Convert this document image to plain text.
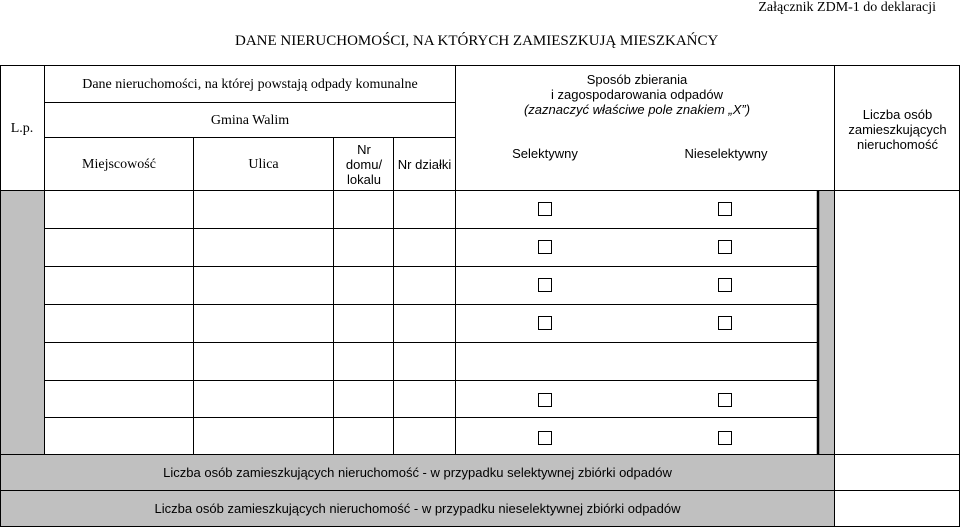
Załącznik ZDM-1 do deklaracji
DANE NIERUCHOMOŚCI, NA KTÓRYCH ZAMIESZKUJĄ MIESZKAŃCY
L.p.
Dane nieruchomości, na której powstają odpady komunalne
Gmina Walim
Miejscowość	Ulica
Nr domu/ lokalu
Nr działki
Sposób zbierania
i zagospodarowania odpadów
(zaznaczyć właściwe pole znakiem „X”)
Selektywny	Nieselektywny
Liczba osób zamieszkujących nieruchomość
Liczba osób zamieszkujących nieruchomość - w przypadku selektywnej zbiórki odpadów
Liczba osób zamieszkujących nieruchomość - w przypadku nieselektywnej zbiórki odpadów
